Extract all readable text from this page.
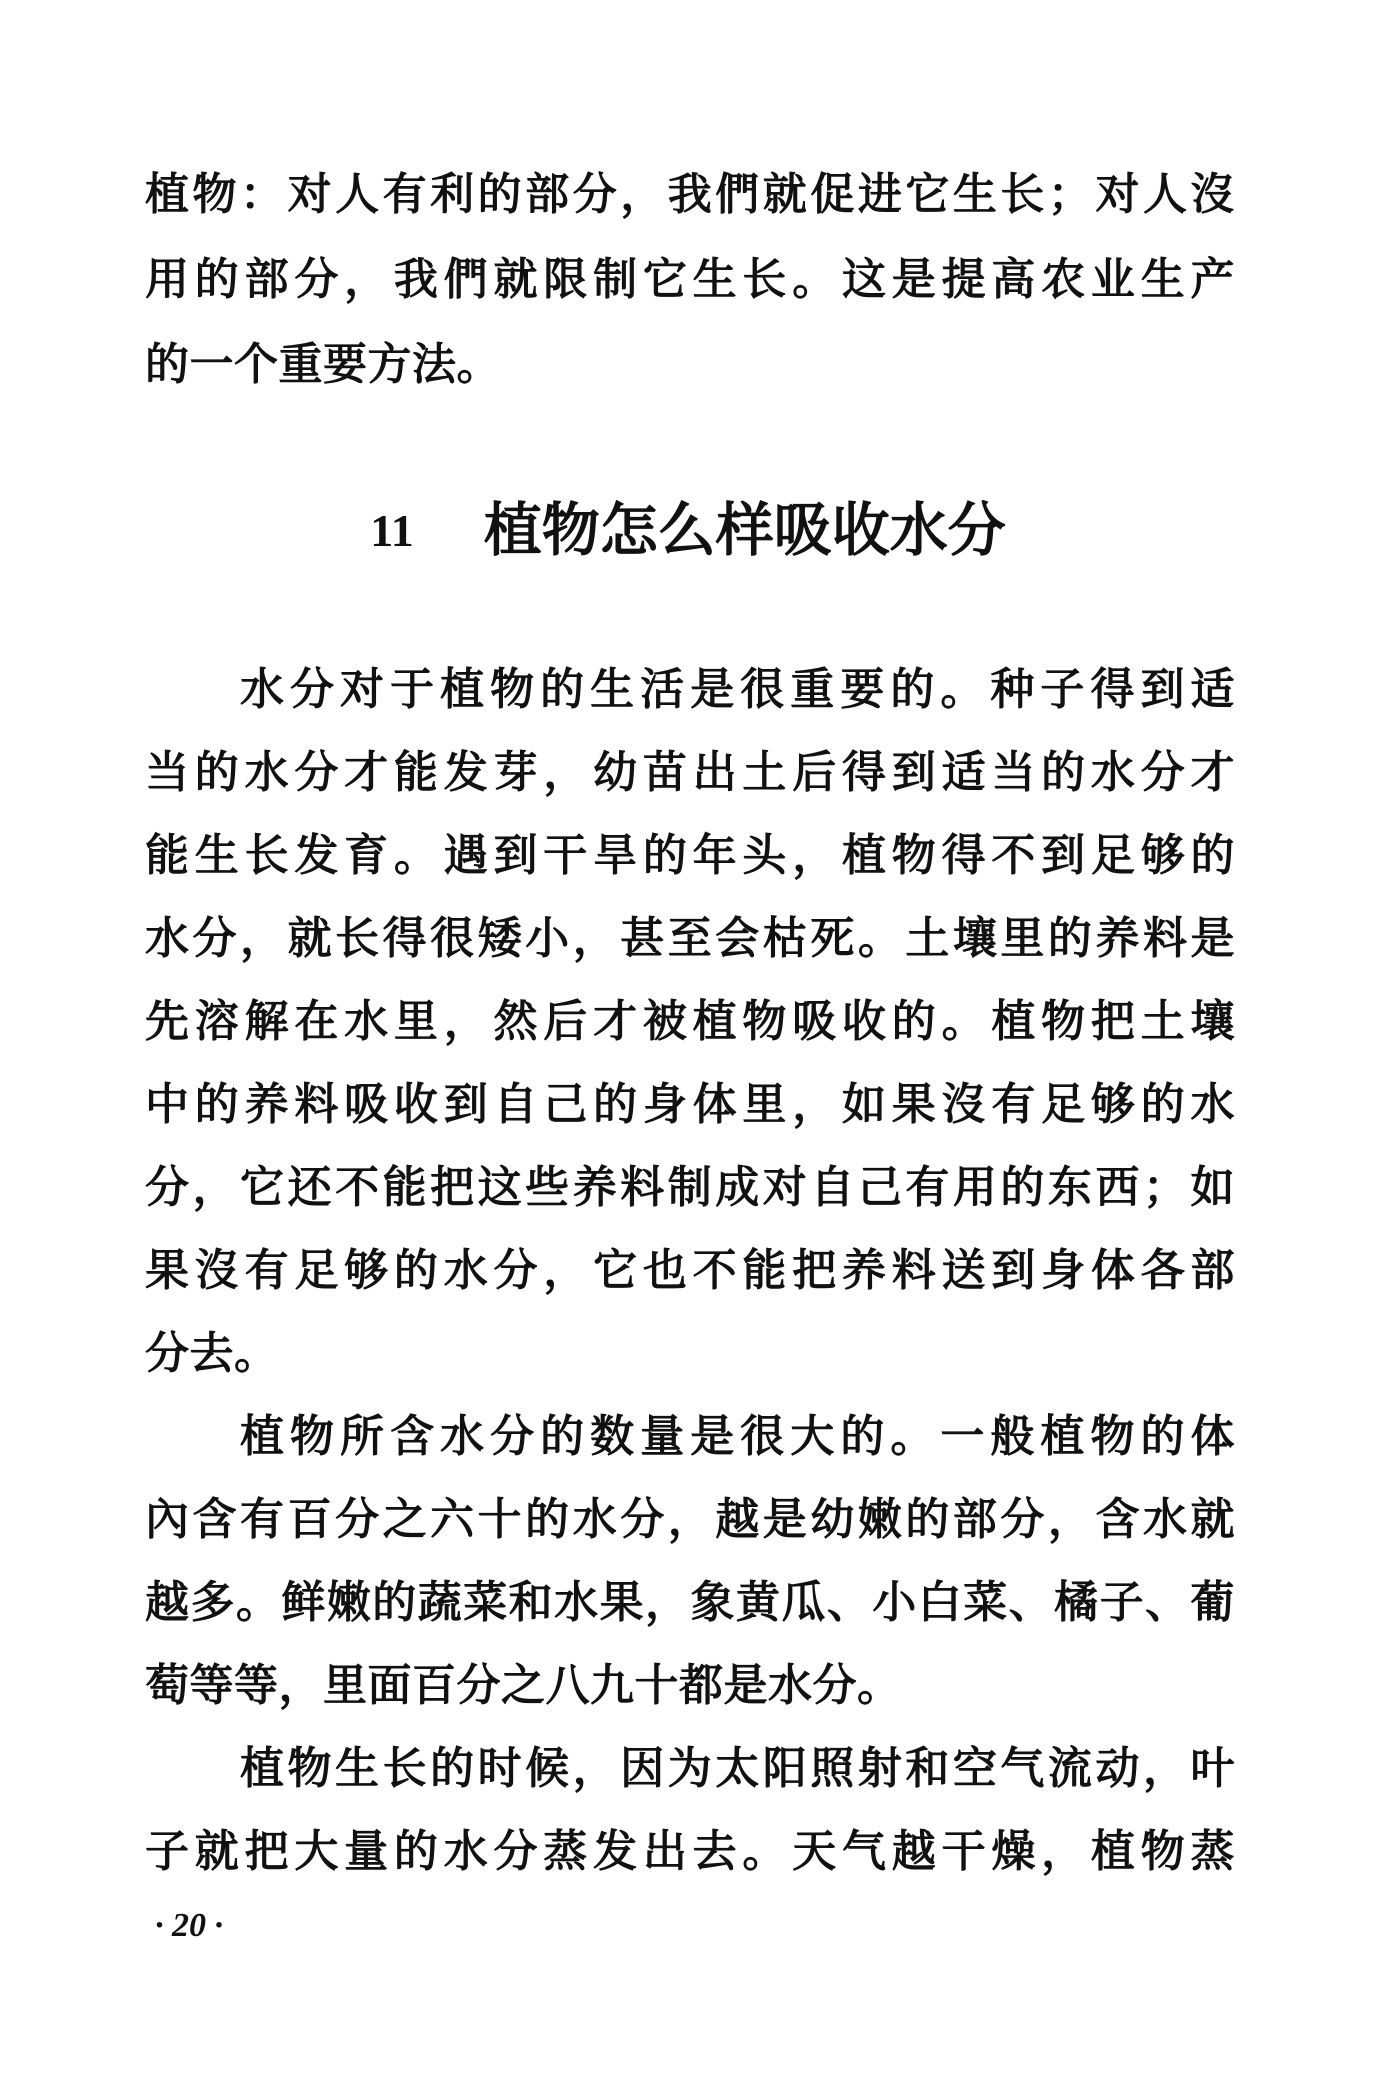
植物：对人有利的部分，我們就促进它生长；对人沒
用的部分，我們就限制它生长。这是提高农业生产
的一个重要方法。
11 植物怎么样吸收水分
水分对于植物的生活是很重要的。种子得到适
当的水分才能发芽，幼苗出土后得到适当的水分才
能生长发育。遇到干旱的年头，植物得不到足够的
水分，就长得很矮小，甚至会枯死。土壤里的养料是
先溶解在水里，然后才被植物吸收的。植物把土壤
中的养料吸收到自己的身体里，如果沒有足够的水
分，它还不能把这些养料制成对自己有用的东西；如
果沒有足够的水分，它也不能把养料送到身体各部
分去。
植物所含水分的数量是很大的。一般植物的体
內含有百分之六十的水分，越是幼嫩的部分，含水就
越多。鲜嫩的蔬菜和水果，象黄瓜、小白菜、橘子、葡
萄等等，里面百分之八九十都是水分。
植物生长的时候，因为太阳照射和空气流动，叶
子就把大量的水分蒸发出去。天气越干燥，植物蒸
· 20 ·
